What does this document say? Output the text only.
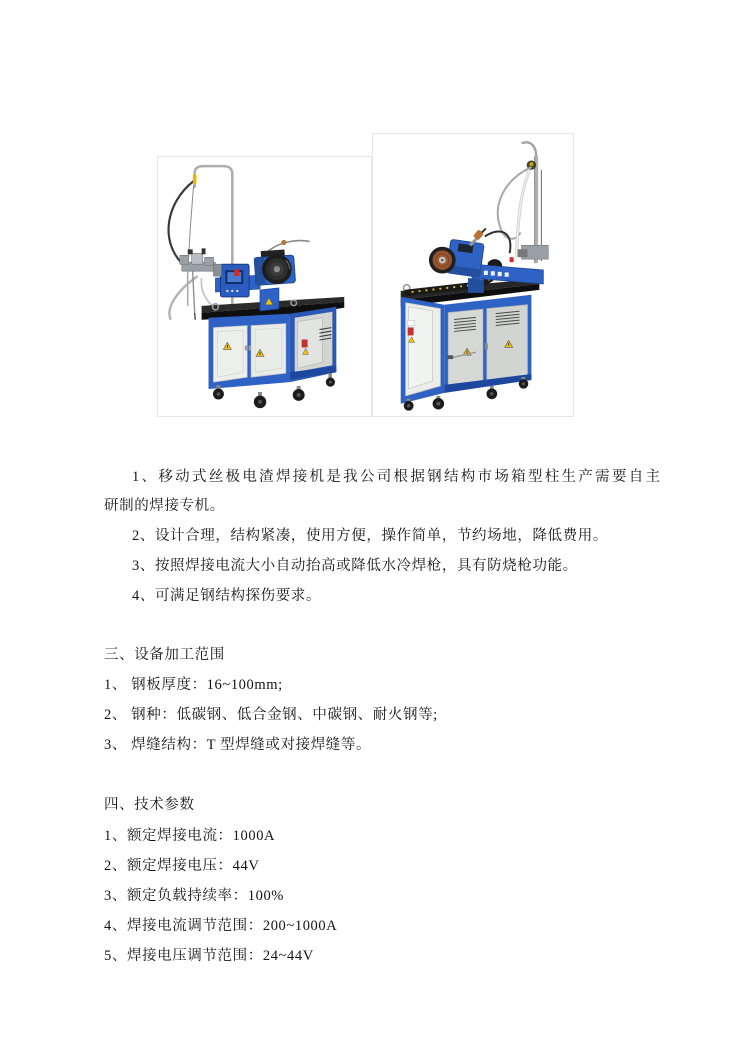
1、移动式丝极电渣焊接机是我公司根据钢结构市场箱型柱生产需要自主
研制的焊接专机。
2、设计合理，结构紧凑，使用方便，操作简单，节约场地，降低费用。
3、按照焊接电流大小自动抬高或降低水冷焊枪，具有防烧枪功能。
4、可满足钢结构探伤要求。
三、设备加工范围
1、 钢板厚度：16~100mm;
2、 钢种：低碳钢、低合金钢、中碳钢、耐火钢等;
3、 焊缝结构：T 型焊缝或对接焊缝等。
四、技术参数
1、额定焊接电流：1000A
2、额定焊接电压：44V
3、额定负载持续率：100%
4、焊接电流调节范围：200~1000A
5、焊接电压调节范围：24~44V
